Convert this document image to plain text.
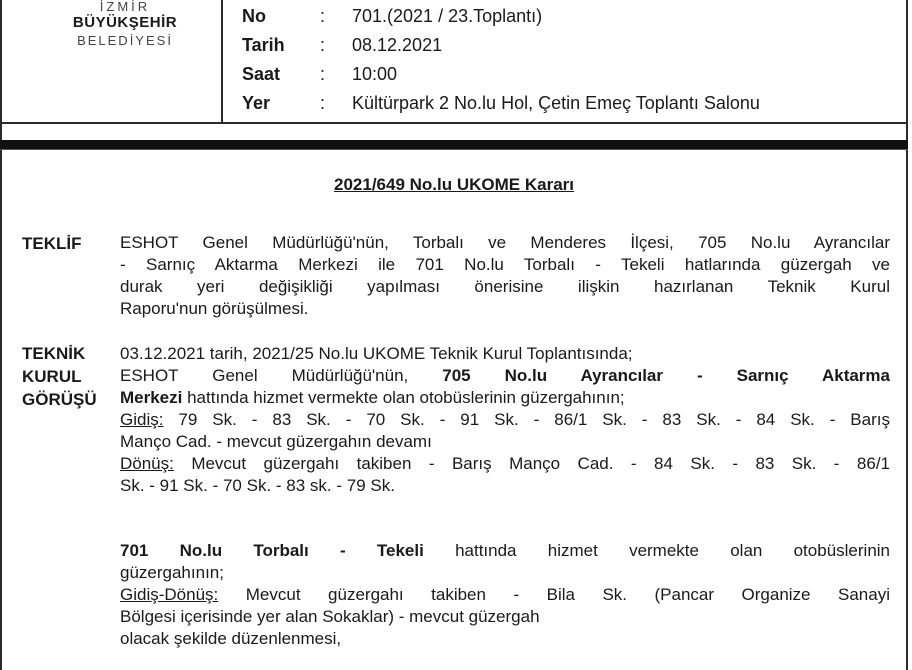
İZMİR
BÜYÜKŞEHİR
BELEDİYESİ
No	:	701.(2021 / 23.Toplantı)
Tarih	:	08.12.2021
Saat	:	10:00
Yer	:	Kültürpark 2 No.lu Hol, Çetin Emeç Toplantı Salonu
2021/649 No.lu UKOME Kararı
TEKLİF ESHOT Genel Müdürlüğü'nün, Torbalı ve Menderes İlçesi, 705 No.lu Ayrancılar

- Sarnıç Aktarma Merkezi ile 701 No.lu Torbalı - Tekeli hatlarında güzergah ve

durak yeri değişikliği yapılması önerisine ilişkin hazırlanan Teknik Kurul

Raporu'nun görüşülmesi.

TEKNİK
KURUL
GÖRÜŞÜ

03.12.2021 tarih, 2021/25 No.lu UKOME Teknik Kurul Toplantısında;

ESHOT Genel Müdürlüğü'nün, 705 No.lu Ayrancılar - Sarnıç Aktarma

Merkezi hattında hizmet vermekte olan otobüslerinin güzergahının;

Gidiş: 79 Sk. - 83 Sk. - 70 Sk. - 91 Sk. - 86/1 Sk. - 83 Sk. - 84 Sk. - Barış

Manço Cad. - mevcut güzergahın devamı

Dönüş: Mevcut güzergahı takiben - Barış Manço Cad. - 84 Sk. - 83 Sk. - 86/1

Sk. - 91 Sk. - 70 Sk. - 83 sk. - 79 Sk.

701 No.lu Torbalı - Tekeli hattında hizmet vermekte olan otobüslerinin

güzergahının;

Gidiş-Dönüş: Mevcut güzergahı takiben - Bila Sk. (Pancar Organize Sanayi

Bölgesi içerisinde yer alan Sokaklar) - mevcut güzergah

olacak şekilde düzenlenmesi,
